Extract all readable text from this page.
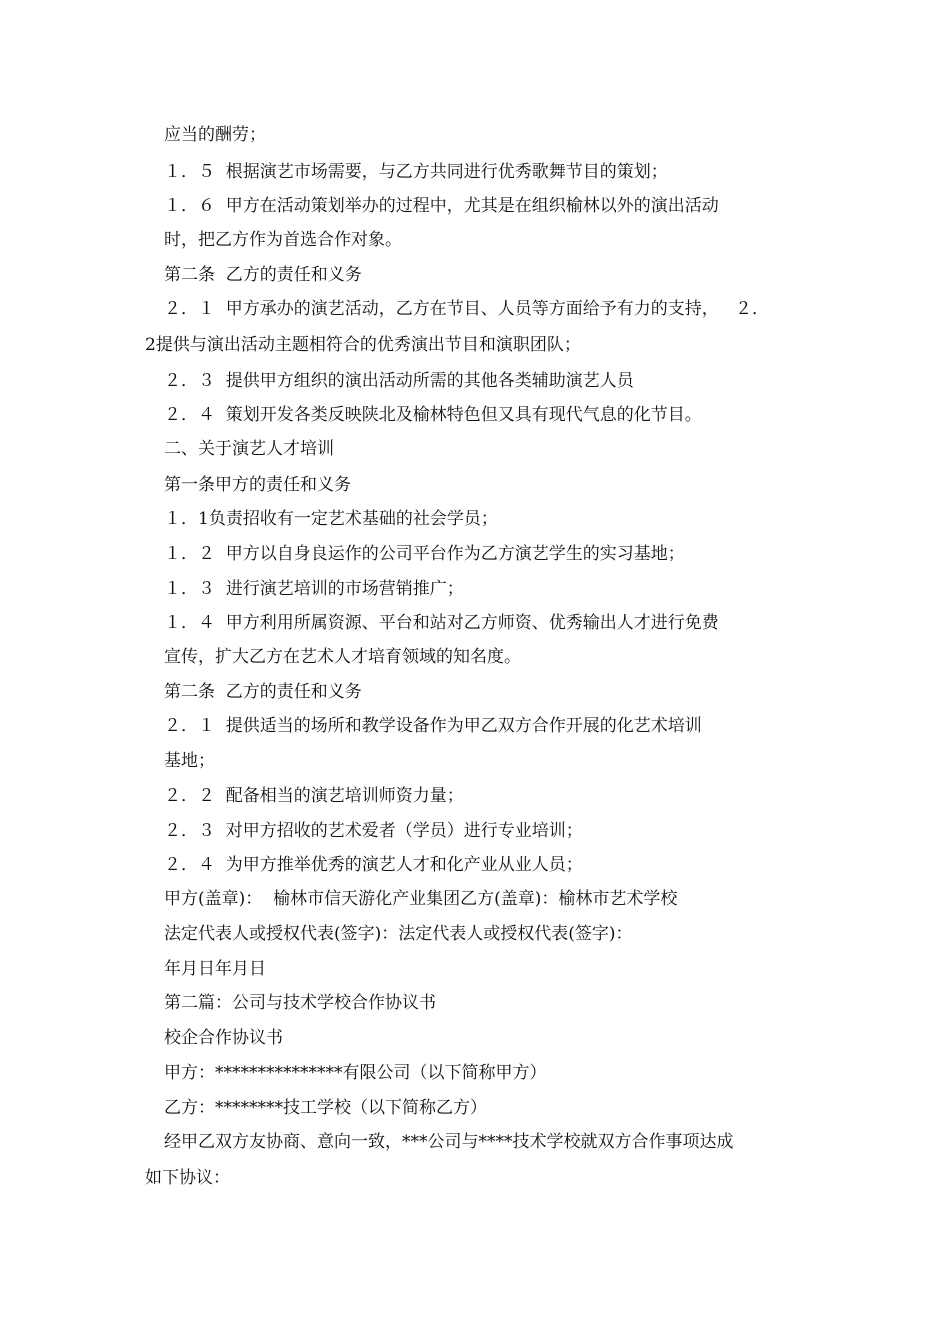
应当的酬劳；
１．５  根据演艺市场需要，与乙方共同进行优秀歌舞节目的策划；
１．６  甲方在活动策划举办的过程中，尤其是在组织榆林以外的演出活动
时，把乙方作为首选合作对象。
第二条  乙方的责任和义务
２．１  甲方承办的演艺活动，乙方在节目、人员等方面给予有力的支持，   ２．
2提供与演出活动主题相符合的优秀演出节目和演职团队；
２．３  提供甲方组织的演出活动所需的其他各类辅助演艺人员
２．４  策划开发各类反映陕北及榆林特色但又具有现代气息的化节目。
二、关于演艺人才培训
第一条甲方的责任和义务
１．1负责招收有一定艺术基础的社会学员；
１．２  甲方以自身良运作的公司平台作为乙方演艺学生的实习基地；
１．３  进行演艺培训的市场营销推广；
１．４  甲方利用所属资源、平台和站对乙方师资、优秀输出人才进行免费
宣传，扩大乙方在艺术人才培育领域的知名度。
第二条  乙方的责任和义务
２．１  提供适当的场所和教学设备作为甲乙双方合作开展的化艺术培训
基地；
２．２  配备相当的演艺培训师资力量；
２．３  对甲方招收的艺术爱者（学员）进行专业培训；
２．４  为甲方推举优秀的演艺人才和化产业从业人员；
甲方(盖章)：  榆林市信天游化产业集团乙方(盖章)：榆林市艺术学校
法定代表人或授权代表(签字)：法定代表人或授权代表(签字)：
年月日年月日
第二篇：公司与技术学校合作协议书
校企合作协议书
甲方：***************有限公司（以下简称甲方）
乙方：********技工学校（以下简称乙方）
经甲乙双方友协商、意向一致，***公司与****技术学校就双方合作事项达成
如下协议：
